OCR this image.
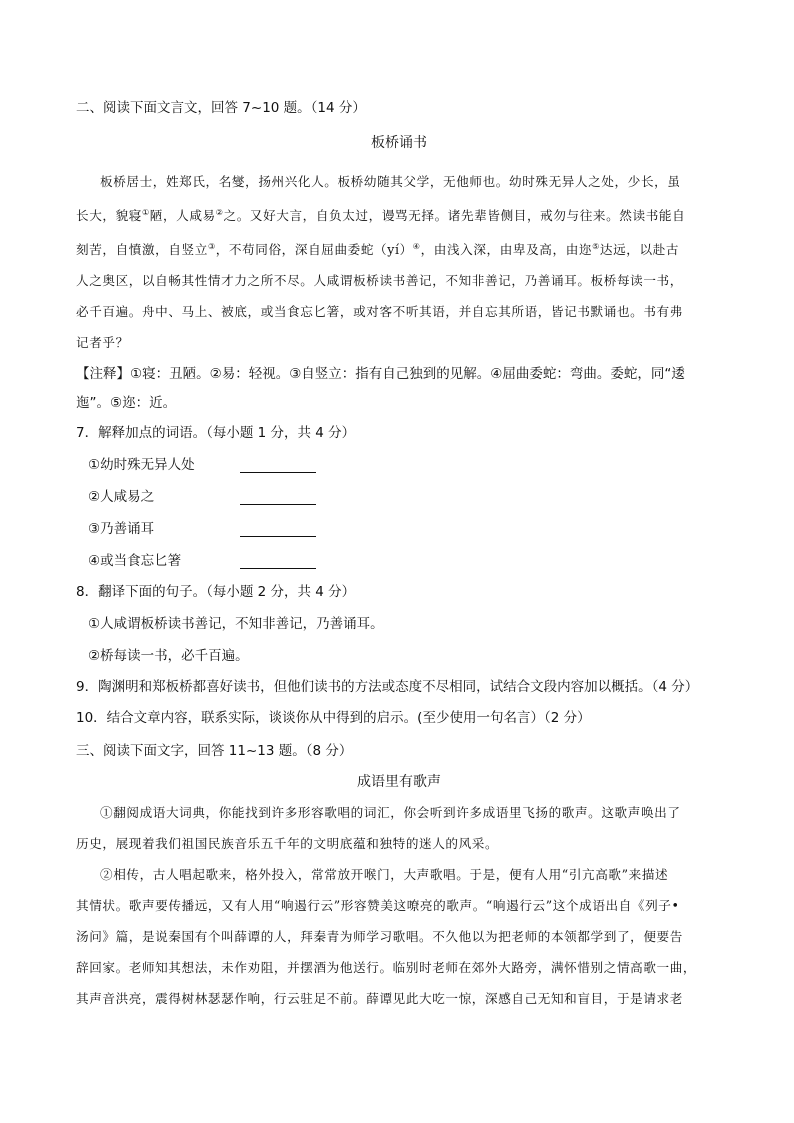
二、阅读下面文言文，回答 7~10 题。（14 分）
板桥诵书
板桥居士，姓郑氏，名燮，扬州兴化人。板桥幼随其父学，无他师也。幼时殊无异人之处，少长，虽
长大，貌寝①陋，人咸易②之。又好大言，自负太过，谩骂无择。诸先辈皆侧目，戒勿与往来。然读书能自
刻苦，自憤激，自竖立③，不苟同俗，深自屈曲委蛇（yí）④，由浅入深，由卑及高，由迩⑤达远，以赴古
人之奥区，以自畅其性情才力之所不尽。人咸谓板桥读书善记，不知非善记，乃善诵耳。板桥每读一书，
必千百遍。舟中、马上、被底，或当食忘匕箸，或对客不听其语，并自忘其所语，皆记书默诵也。书有弗
记者乎？
【注释】①寝：丑陋。②易：轻视。③自竖立：指有自己独到的见解。④屈曲委蛇：弯曲。委蛇，同“逶
迤”。⑤迩：近。
7．解释加点的词语。（每小题 1 分，共 4 分）
①幼时殊无异人处
②人咸易之
③乃善诵耳
④或当食忘匕箸
8．翻译下面的句子。（每小题 2 分，共 4 分）
①人咸谓板桥读书善记，不知非善记，乃善诵耳。
②桥每读一书，必千百遍。
9．陶渊明和郑板桥都喜好读书，但他们读书的方法或态度不尽相同，试结合文段内容加以概括。（4 分）
10．结合文章内容，联系实际，谈谈你从中得到的启示。(至少使用一句名言）（2 分）
三、阅读下面文字，回答 11~13 题。（8 分）
成语里有歌声
①翻阅成语大词典，你能找到许多形容歌唱的词汇，你会听到许多成语里飞扬的歌声。这歌声唤出了
历史，展现着我们祖国民族音乐五千年的文明底蕴和独特的迷人的风采。
②相传，古人唱起歌来，格外投入，常常放开喉门，大声歌唱。于是，便有人用“引亢高歌”来描述
其情状。歌声要传播远，又有人用“响遏行云”形容赞美这嘹亮的歌声。“响遏行云”这个成语出自《列子•
汤问》篇，是说秦国有个叫薛谭的人，拜秦青为师学习歌唱。不久他以为把老师的本领都学到了，便要告
辞回家。老师知其想法，未作劝阻，并摆酒为他送行。临别时老师在郊外大路旁，满怀惜别之情高歌一曲，
其声音洪亮，震得树林瑟瑟作响，行云驻足不前。薛谭见此大吃一惊，深感自己无知和盲目，于是请求老
